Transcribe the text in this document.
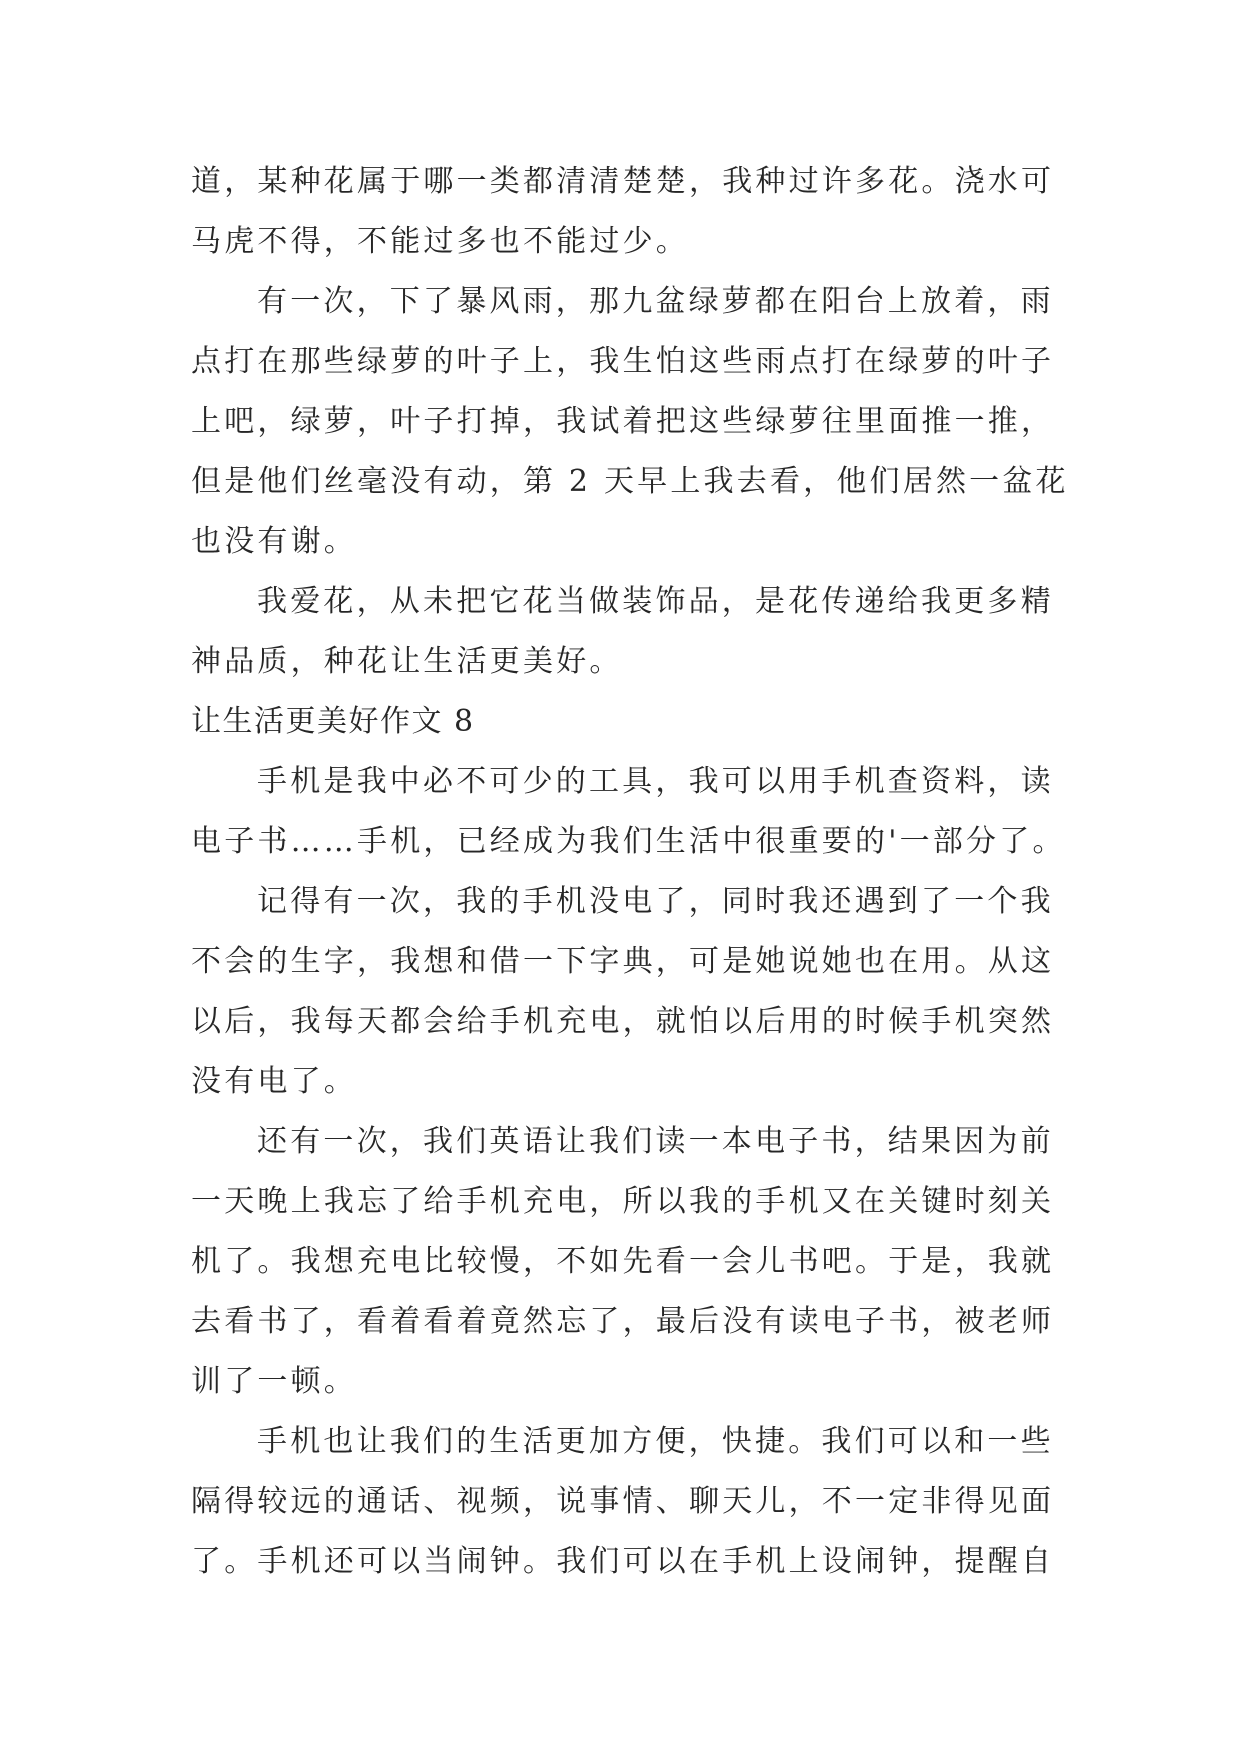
道，某种花属于哪一类都清清楚楚，我种过许多花。浇水可
马虎不得，不能过多也不能过少。
有一次，下了暴风雨，那九盆绿萝都在阳台上放着，雨
点打在那些绿萝的叶子上，我生怕这些雨点打在绿萝的叶子
上吧，绿萝，叶子打掉，我试着把这些绿萝往里面推一推，
但是他们丝毫没有动，第 2 天早上我去看，他们居然一盆花
也没有谢。
我爱花，从未把它花当做装饰品，是花传递给我更多精
神品质，种花让生活更美好。
让生活更美好作文 8
手机是我中必不可少的工具，我可以用手机查资料，读
电子书……手机，已经成为我们生活中很重要的'一部分了。
记得有一次，我的手机没电了，同时我还遇到了一个我
不会的生字，我想和借一下字典，可是她说她也在用。从这
以后，我每天都会给手机充电，就怕以后用的时候手机突然
没有电了。
还有一次，我们英语让我们读一本电子书，结果因为前
一天晚上我忘了给手机充电，所以我的手机又在关键时刻关
机了。我想充电比较慢，不如先看一会儿书吧。于是，我就
去看书了，看着看着竟然忘了，最后没有读电子书，被老师
训了一顿。
手机也让我们的生活更加方便，快捷。我们可以和一些
隔得较远的通话、视频，说事情、聊天儿，不一定非得见面
了。手机还可以当闹钟。我们可以在手机上设闹钟，提醒自
